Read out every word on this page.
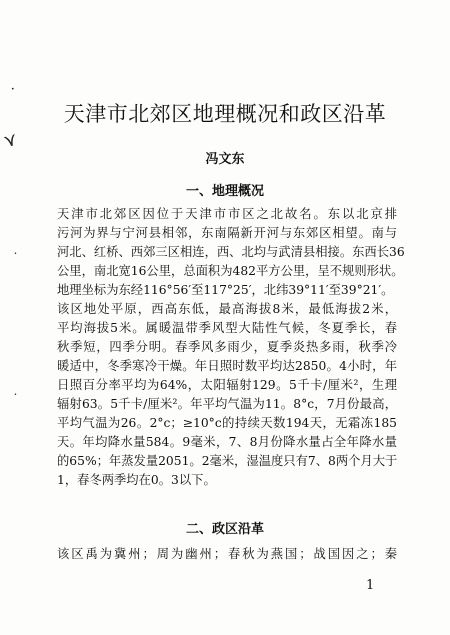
•
⋎
•
•
天津市北郊区地理概况和政区沿革

冯文东

一、地理概况
天津市北郊区因位于天津市市区之北故名。东以北京排
污河为界与宁河县相邻，东南隔新开河与东郊区相望。南与
河北、红桥、西郊三区相连，西、北均与武清县相接。东西长36
公里，南北宽16公里，总面积为482平方公里，呈不规则形状。
地理坐标为东经116°56′至117°25′，北纬39°11′至39°21′。
该区地处平原，西高东低，最高海拔8米，最低海拔2米，
平均海拔5米。属暖温带季风型大陆性气候，冬夏季长，春
秋季短，四季分明。春季风多雨少，夏季炎热多雨，秋季冷
暖适中，冬季寒冷干燥。年日照时数平均达2850。4小时，年
日照百分率平均为64%，太阳辐射129。5千卡/厘米²，生理
辐射63。5千卡/厘米²。年平均气温为11。8°c，7月份最高，
平均气温为26。2°c；≥10°c的持续天数194天，无霜冻185
天。年均降水量584。9毫米，7、8月份降水量占全年降水量
的65%；年蒸发量2051。2毫米，湿温度只有7、8两个月大于
1，春冬两季均在0。3以下。
二、政区沿革
该区禹为冀州；周为幽州；春秋为燕国；战国因之；秦

1
